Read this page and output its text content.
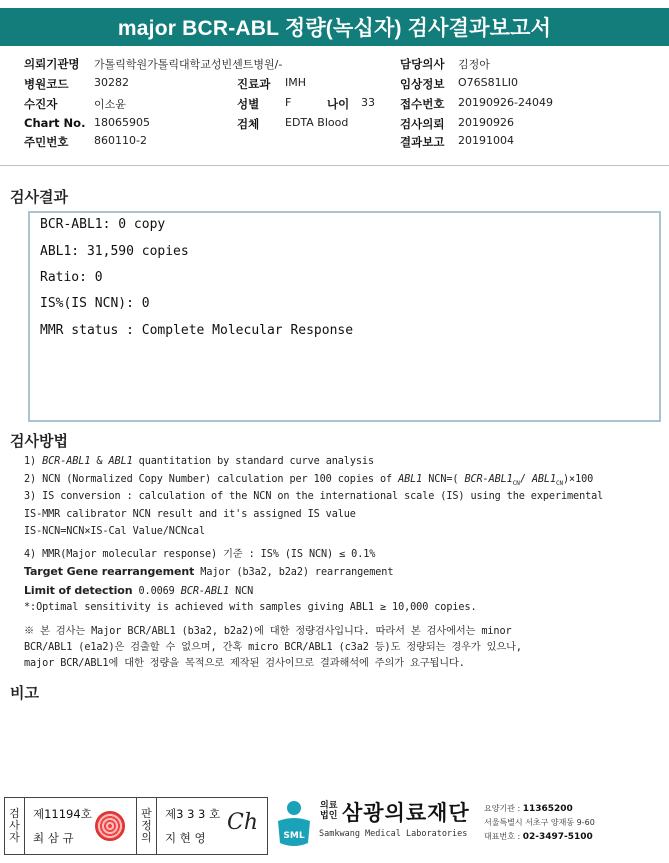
major BCR-ABL 정량(녹십자) 검사결과보고서
의뢰기관명 가톨릭학원가톨릭대학교성빈센트병원/-	담당의사 김정아
병원코드 30282	진료과 IMH	임상정보 O76S81LI0
수진자	이소윤	성별 F	나이 33 접수번호 20190926-24049
Chart No. 18065905	검체 EDTA Blood	검사의뢰 20190926
주민번호 860110-2	결과보고 20191004
검사결과
BCR-ABL1: 0 copy
ABL1: 31,590 copies
Ratio: 0
IS%(IS NCN): 0
MMR status : Complete Molecular Response
검사방법
1) BCR-ABL1 & ABL1 quantitation by standard curve analysis
2) NCN (Normalized Copy Number) calculation per 100 copies of ABL1 NCN=( BCR-$ABL1_{CN}/$ $ABL1_{CN})\times 100$
3) IS conversion : calculation of the NCN on the international scale (IS) using the experimental
IS-MMR calibrator NCN result and it's assigned IS value
IS-NCN=NCN×IS-Cal Value/NCNcal
4) MMR(Major molecular response) 기준 : IS% (IS NCN) ≤ 0.1%
Target Gene rearrangement Major (b3a2, b2a2) rearrangement
Limit of detection 0.0069 BCR-ABL1 NCN
*:Optimal sensitivity is achieved with samples giving ABL1 ≥ 10,000 copies.
※ 본 검사는 Major BCR/ABL1 (b3a2, b2a2)에 대한 정량검사입니다. 따라서 본 검사에서는 minor
BCR/ABL1 (e1a2)은 검출할 수 없으며, 간혹 micro BCR/ABL1 (c3a2 등)도 정량되는 경우가 있으나,
major BCR/ABL1에 대한 정량을 목적으로 제작된 검사이므로 결과해석에 주의가 요구됩니다.
비고
검
사
자
제11194호
최 삼 규
판
정
의
제3 3 3 호
지 현 영
Ch
SML
의료
법인 삼광의료재단
Samkwang Medical Laboratories
요양기관 : 11365200
서울특별시 서초구 양재동 9-60
대표번호 : 02-3497-5100
